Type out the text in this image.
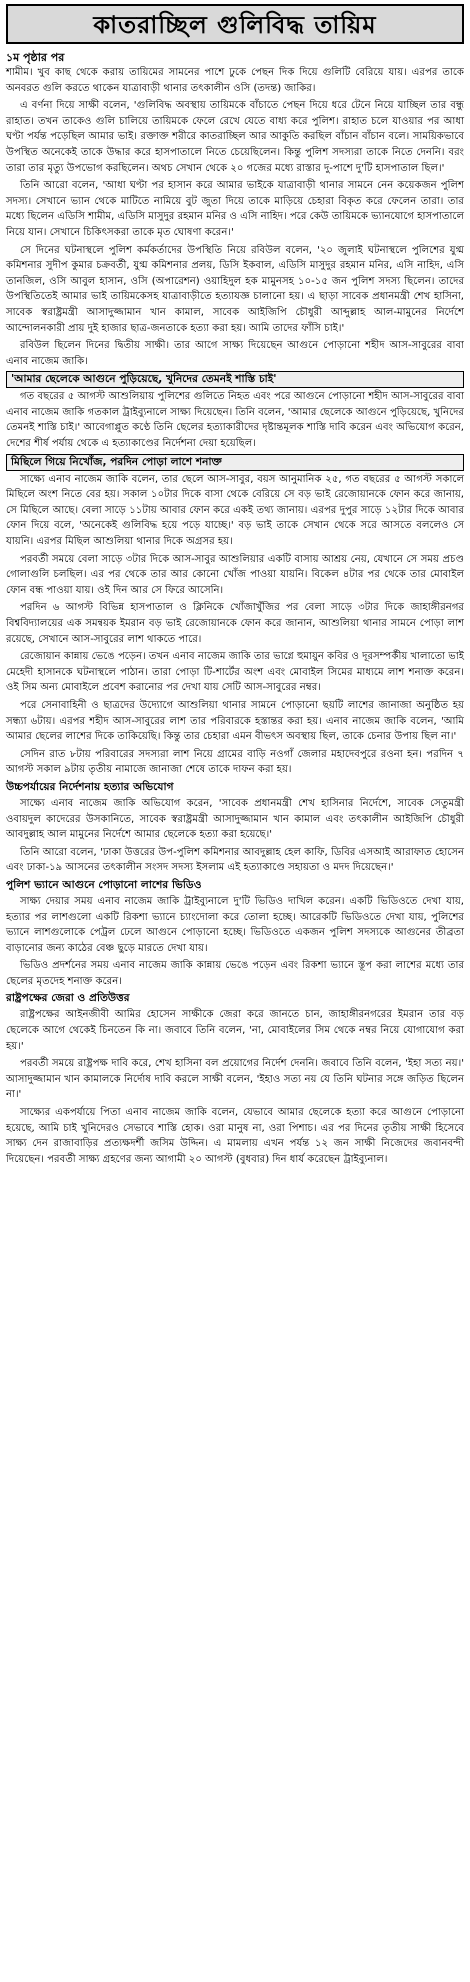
কাতরাচ্ছিল গুলিবিদ্ধ তায়িম
১ম পৃষ্ঠার পর

শামীম। খুব কাছ থেকে করায় তায়িমের সামনের পাশে ঢুকে পেছন দিক দিয়ে গুলিটি বেরিয়ে যায়। এরপর তাকে অনবরত গুলি করতে থাকেন যাত্রাবাড়ী থানার তৎকালীন ওসি (তদন্ত) জাকির।

এ বর্ণনা দিয়ে সাক্ষী বলেন, 'গুলিবিদ্ধ অবস্থায় তায়িমকে বাঁচাতে পেছন দিয়ে ধরে টেনে নিয়ে যাচ্ছিল তার বন্ধু রাহাত। তখন তাকেও গুলি চালিয়ে তায়িমকে ফেলে রেখে যেতে বাধ্য করে পুলিশ। রাহাত চলে যাওয়ার পর আধা ঘণ্টা পর্যন্ত পড়েছিল আমার ভাই। রক্তাক্ত শরীরে কাতরাচ্ছিল আর আকুতি করছিল বাঁচান বাঁচান বলে। সাময়িকভাবে উপস্থিত অনেকেই তাকে উদ্ধার করে হাসপাতালে নিতে চেয়েছিলেন। কিন্তু পুলিশ সদস্যরা তাকে নিতে দেননি। বরং তারা তার মৃত্যু উপভোগ করছিলেন। অথচ সেখান থেকে ২০ গজের মধ্যে রাস্তার দু-পাশে দু'টি হাসপাতাল ছিল।'

তিনি আরো বলেন, 'আধা ঘণ্টা পর হাসান করে আমার ভাইকে যাত্রাবাড়ী থানার সামনে নেন কয়েকজন পুলিশ সদস্য। সেখানে ভ্যান থেকে মাটিতে নামিয়ে বুট জুতা দিয়ে তাকে মাড়িয়ে চেহারা বিকৃত করে ফেলেন তারা। তার মধ্যে ছিলেন এডিসি শামীম, এডিসি মাসুদুর রহমান মনির ও এসি নাহিদ। পরে কেউ তায়িমকে ভ্যানযোগে হাসপাতালে নিয়ে যান। সেখানে চিকিৎসকরা তাকে মৃত ঘোষণা করেন।'

সে দিনের ঘটনাস্থলে পুলিশ কর্মকর্তাদের উপস্থিতি নিয়ে রবিউল বলেন, '২০ জুলাই ঘটনাস্থলে পুলিশের যুগ্ম কমিশনার সুদীপ কুমার চক্রবর্তী, যুগ্ম কমিশনার প্রলয়, ডিসি ইকবাল, এডিসি মাসুদুর রহমান মনির, এসি নাহিদ, এসি তানজিল, ওসি আবুল হাসান, ওসি (অপারেশন) ওয়াহিদুল হক মামুনসহ ১০-১৫ জন পুলিশ সদস্য ছিলেন। তাদের উপস্থিতিতেই আমার ভাই তায়িমকেসহ যাত্রাবাড়ীতে হত্যাযজ্ঞ চালানো হয়। এ ছাড়া সাবেক প্রধানমন্ত্রী শেখ হাসিনা, সাবেক স্বরাষ্ট্রমন্ত্রী আসাদুজ্জামান খান কামাল, সাবেক আইজিপি চৌধুরী আব্দুল্লাহ আল-মামুনের নির্দেশে আন্দোলনকারী প্রায় দুই হাজার ছাত্র-জনতাকে হত্যা করা হয়। আমি তাদের ফাঁসি চাই।'

রবিউল ছিলেন দিনের দ্বিতীয় সাক্ষী। তার আগে সাক্ষ্য দিয়েছেন আগুনে পোড়ানো শহীদ আস-সাবুরের বাবা এনাব নাজেম জাকি।

'আমার ছেলেকে আগুনে পুড়িয়েছে, খুনিদের তেমনই শাস্তি চাই'

গত বছরের ৫ আগস্ট আশুলিয়ায় পুলিশের গুলিতে নিহত এবং পরে আগুনে পোড়ানো শহীদ আস-সাবুরের বাবা এনাব নাজেম জাকি গতকাল ট্রাইব্যুনালে সাক্ষ্য দিয়েছেন। তিনি বলেন, 'আমার ছেলেকে আগুনে পুড়িয়েছে, খুনিদের তেমনই শাস্তি চাই।' আবেগাপ্লুত কণ্ঠে তিনি ছেলের হত্যাকারীদের দৃষ্টান্তমূলক শাস্তি দাবি করেন এবং অভিযোগ করেন, দেশের শীর্ষ পর্যায় থেকে এ হত্যাকাণ্ডের নির্দেশনা দেয়া হয়েছিল।

মিছিলে গিয়ে নিখোঁজ, পরদিন পোড়া লাশে শনাক্ত

সাক্ষ্যে এনাব নাজেম জাকি বলেন, তার ছেলে আস-সাবুর, বয়স আনুমানিক ২৫, গত বছরের ৫ আগস্ট সকালে মিছিলে অংশ নিতে বের হয়। সকাল ১০টার দিকে বাসা থেকে বেরিয়ে সে বড় ভাই রেজোয়ানকে ফোন করে জানায়, সে মিছিলে আছে। বেলা সাড়ে ১১টায় আবার ফোন করে একই তথ্য জানায়। এরপর দুপুর সাড়ে ১২টার দিকে আবার ফোন দিয়ে বলে, 'অনেকেই গুলিবিদ্ধ হয়ে পড়ে যাচ্ছে।' বড় ভাই তাকে সেখান থেকে সরে আসতে বললেও সে যায়নি। এরপর মিছিল আশুলিয়া থানার দিকে অগ্রসর হয়।

পরবর্তী সময়ে বেলা সাড়ে ৩টার দিকে আস-সাবুর আশুলিয়ার একটি বাসায় আশ্রয় নেয়, যেখানে সে সময় প্রচণ্ড গোলাগুলি চলছিল। এর পর থেকে তার আর কোনো খোঁজ পাওয়া যায়নি। বিকেল ৪টার পর থেকে তার মোবাইল ফোন বন্ধ পাওয়া যায়। ওই দিন আর সে ফিরে আসেনি।

পরদিন ৬ আগস্ট বিভিন্ন হাসপাতাল ও ক্লিনিকে খোঁজাখুঁজির পর বেলা সাড়ে ৩টার দিকে জাহাঙ্গীরনগর বিশ্ববিদ্যালয়ের এক সমন্বয়ক ইমরান বড় ভাই রেজোয়ানকে ফোন করে জানান, আশুলিয়া থানার সামনে পোড়া লাশ রয়েছে, সেখানে আস-সাবুরের লাশ থাকতে পারে।

রেজোয়ান কান্নায় ভেঙে পড়েন। তখন এনাব নাজেম জাকি তার ভাগ্নে হুমায়ুন কবির ও দূরসম্পর্কীয় খালাতো ভাই মেহেদী হাসানকে ঘটনাস্থলে পাঠান। তারা পোড়া টি-শার্টের অংশ এবং মোবাইল সিমের মাধ্যমে লাশ শনাক্ত করেন। ওই সিম অন্য মোবাইলে প্রবেশ করানোর পর দেখা যায় সেটি আস-সাবুরের নম্বর।

পরে সেনাবাহিনী ও ছাত্রদের উদ্যোগে আশুলিয়া থানার সামনে পোড়ানো ছয়টি লাশের জানাজা অনুষ্ঠিত হয় সন্ধ্যা ৬টায়। এরপর শহীদ আস-সাবুরের লাশ তার পরিবারকে হস্তান্তর করা হয়। এনাব নাজেম জাকি বলেন, 'আমি আমার ছেলের লাশের দিকে তাকিয়েছি। কিন্তু তার চেহারা এমন বীভৎস অবস্থায় ছিল, তাকে চেনার উপায় ছিল না।'

সেদিন রাত ৮টায় পরিবারের সদস্যরা লাশ নিয়ে গ্রামের বাড়ি নওগাঁ জেলার মহাদেবপুরে রওনা হন। পরদিন ৭ আগস্ট সকাল ৯টায় তৃতীয় নামাজে জানাজা শেষে তাকে দাফন করা হয়।

উচ্চপর্যায়ের নির্দেশনায় হত্যার অভিযোগ

সাক্ষ্যে এনাব নাজেম জাকি অভিযোগ করেন, 'সাবেক প্রধানমন্ত্রী শেখ হাসিনার নির্দেশে, সাবেক সেতুমন্ত্রী ওবায়দুল কাদেরের উসকানিতে, সাবেক স্বরাষ্ট্রমন্ত্রী আসাদুজ্জামান খান কামাল এবং তৎকালীন আইজিপি চৌধুরী আবদুল্লাহ আল মামুনের নির্দেশে আমার ছেলেকে হত্যা করা হয়েছে।'

তিনি আরো বলেন, 'ঢাকা উত্তরের উপ-পুলিশ কমিশনার আবদুল্লাহ হেল কাফি, ডিবির এসআই আরাফাত হোসেন এবং ঢাকা-১৯ আসনের তৎকালীন সংসদ সদস্য ইসলাম এই হত্যাকাণ্ডে সহায়তা ও মদদ দিয়েছেন।'

পুলিশ ভ্যানে আগুনে পোড়ানো লাশের ভিডিও

সাক্ষ্য দেয়ার সময় এনাব নাজেম জাকি ট্রাইব্যুনালে দু'টি ভিডিও দাখিল করেন। একটি ভিডিওতে দেখা যায়, হত্যার পর লাশগুলো একটি রিকশা ভ্যানে চ্যাংদোলা করে তোলা হচ্ছে। আরেকটি ভিডিওতে দেখা যায়, পুলিশের ভ্যানে লাশগুলোকে পেট্রল ঢেলে আগুনে পোড়ানো হচ্ছে। ভিডিওতে একজন পুলিশ সদস্যকে আগুনের তীব্রতা বাড়ানোর জন্য কাঠের বেঞ্চ ছুড়ে মারতে দেখা যায়।

ভিডিও প্রদর্শনের সময় এনাব নাজেম জাকি কান্নায় ভেঙে পড়েন এবং রিকশা ভ্যানে স্তূপ করা লাশের মধ্যে তার ছেলের মৃতদেহ শনাক্ত করেন।

রাষ্ট্রপক্ষের জেরা ও প্রতিউত্তর

রাষ্ট্রপক্ষের আইনজীবী আমির হোসেন সাক্ষীকে জেরা করে জানতে চান, জাহাঙ্গীরনগরের ইমরান তার বড় ছেলেকে আগে থেকেই চিনতেন কি না। জবাবে তিনি বলেন, 'না, মোবাইলের সিম থেকে নম্বর নিয়ে যোগাযোগ করা হয়।'

পরবর্তী সময়ে রাষ্ট্রপক্ষ দাবি করে, শেখ হাসিনা বল প্রয়োগের নির্দেশ দেননি। জবাবে তিনি বলেন, 'ইহা সত্য নয়।' আসাদুজ্জামান খান কামালকে নির্দোষ দাবি করলে সাক্ষী বলেন, 'ইহাও সত্য নয় যে তিনি ঘটনার সঙ্গে জড়িত ছিলেন না।'

সাক্ষ্যের একপর্যায়ে পিতা এনাব নাজেম জাকি বলেন, যেভাবে আমার ছেলেকে হত্যা করে আগুনে পোড়ানো হয়েছে, আমি চাই খুনিদেরও সেভাবে শাস্তি হোক। ওরা মানুষ না, ওরা পিশাচ। এর পর দিনের তৃতীয় সাক্ষী হিসেবে সাক্ষ্য দেন রাজাবাড়ির প্রত্যক্ষদর্শী জসিম উদ্দিন। এ মামলায় এখন পর্যন্ত ১২ জন সাক্ষী নিজেদের জবানবন্দী দিয়েছেন। পরবর্তী সাক্ষ্য গ্রহণের জন্য আগামী ২০ আগস্ট (বুধবার) দিন ধার্য করেছেন ট্রাইব্যুনাল।
